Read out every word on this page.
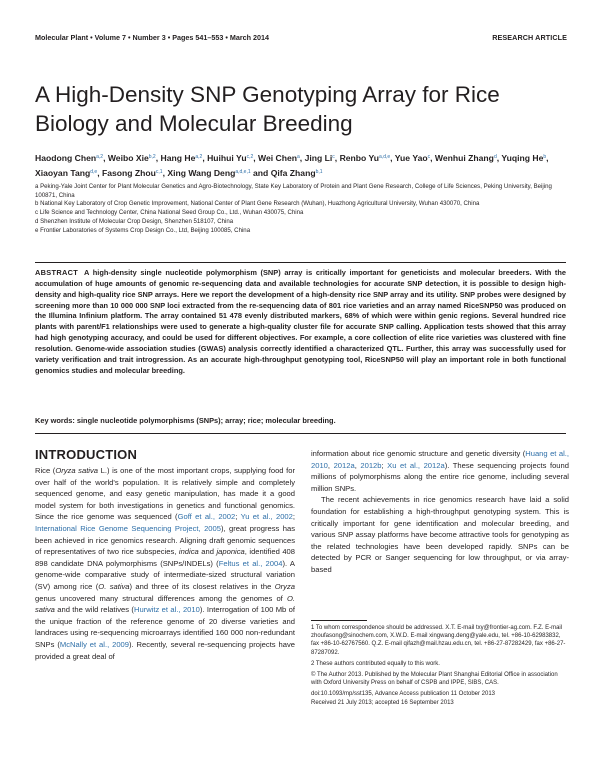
Molecular Plant • Volume 7 • Number 3 • Pages 541–553 • March 2014	RESEARCH ARTICLE
A High-Density SNP Genotyping Array for Rice Biology and Molecular Breeding
Haodong Chen$^{a,2}$, Weibo Xie$^{b,2}$, Hang He$^{a,2}$, Huihui Yu$^{c,2}$, Wei Chen$^a$, Jing Li$^c$, Renbo Yu$^{a,d,e}$, Yue Yao$^c$, Wenhui Zhang$^d$, Yuqing He$^b$, Xiaoyan Tang$^{d,e}$, Fasong Zhou$^{c,1}$, Xing Wang Deng$^{a,d,e,1}$ and Qifa Zhang$^{b,1}$

a Peking-Yale Joint Center for Plant Molecular Genetics and Agro-Biotechnology, State Key Laboratory of Protein and Plant Gene Research, College of Life Sciences, Peking University, Beijing 100871, China

b National Key Laboratory of Crop Genetic Improvement, National Center of Plant Gene Research (Wuhan), Huazhong Agricultural University, Wuhan 430070, China

c Life Science and Technology Center, China National Seed Group Co., Ltd., Wuhan 430075, China

d Shenzhen Institute of Molecular Crop Design, Shenzhen 518107, China

e Frontier Laboratories of Systems Crop Design Co., Ltd, Beijing 100085, China

ABSTRACT A high-density single nucleotide polymorphism (SNP) array is critically important for geneticists and molecular breeders. With the accumulation of huge amounts of genomic re-sequencing data and available technologies for accurate SNP detection, it is possible to design high-density and high-quality rice SNP arrays. Here we report the development of a high-density rice SNP array and its utility. SNP probes were designed by screening more than 10 000 000 SNP loci extracted from the re-sequencing data of 801 rice varieties and an array named RiceSNP50 was produced on the Illumina Infinium platform. The array contained 51 478 evenly distributed markers, 68% of which were within genic regions. Several hundred rice plants with parent/F1 relationships were used to generate a high-quality cluster file for accurate SNP calling. Application tests showed that this array had high genotyping accuracy, and could be used for different objectives. For example, a core collection of elite rice varieties was clustered with fine resolution. Genome-wide association studies (GWAS) analysis correctly identified a characterized QTL. Further, this array was successfully used for variety verification and trait introgression. As an accurate high-throughput genotyping tool, RiceSNP50 will play an important role in both functional genomics studies and molecular breeding.
Key words: single nucleotide polymorphisms (SNPs); array; rice; molecular breeding.
INTRODUCTION

Rice (Oryza sativa L.) is one of the most important crops, supplying food for over half of the world's population. It is relatively simple and completely sequenced genome, and easy genetic manipulation, has made it a good model system for both investigations in genetics and functional genomics. Since the rice genome was sequenced (Goff et al., 2002; Yu et al., 2002; International Rice Genome Sequencing Project, 2005), great progress has been achieved in rice genomics research. Aligning draft genomic sequences of representatives of two rice subspecies, indica and japonica, identified 408 898 candidate DNA polymorphisms (SNPs/INDELs) (Feltus et al., 2004). A genome-wide comparative study of intermediate-sized structural variation (SV) among rice (O. sativa) and three of its closest relatives in the Oryza genus uncovered many structural differences among the genomes of O. sativa and the wild relatives (Hurwitz et al., 2010). Interrogation of 100 Mb of the unique fraction of the reference genome of 20 diverse varieties and landraces using re-sequencing microarrays identified 160 000 non-redundant SNPs (McNally et al., 2009). Recently, several re-sequencing projects have provided a great deal of

information about rice genomic structure and genetic diversity (Huang et al., 2010, 2012a, 2012b; Xu et al., 2012a). These sequencing projects found millions of polymorphisms along the entire rice genome, including several million SNPs.

The recent achievements in rice genomics research have laid a solid foundation for establishing a high-throughput genotyping system. This is critically important for gene identification and molecular breeding, and various SNP assay platforms have become attractive tools for genotyping as the related technologies have been developed rapidly. SNPs can be detected by PCR or Sanger sequencing for low throughput, or via array-based

1 To whom correspondence should be addressed. X.T. E-mail txy@frontier-ag.com. F.Z. E-mail zhoufasong@sinochem.com, X.W.D. E-mail xingwang.deng@yale.edu, tel. +86-10-62983832, fax +86-10-62767560. Q.Z. E-mail qifazh@mail.hzau.edu.cn, tel. +86-27-87282429, fax +86-27-87287092.

2 These authors contributed equally to this work.

© The Author 2013. Published by the Molecular Plant Shanghai Editorial Office in association with Oxford University Press on behalf of CSPB and IPPE, SIBS, CAS.

doi:10.1093/mp/sst135, Advance Access publication 11 October 2013

Received 21 July 2013; accepted 16 September 2013
